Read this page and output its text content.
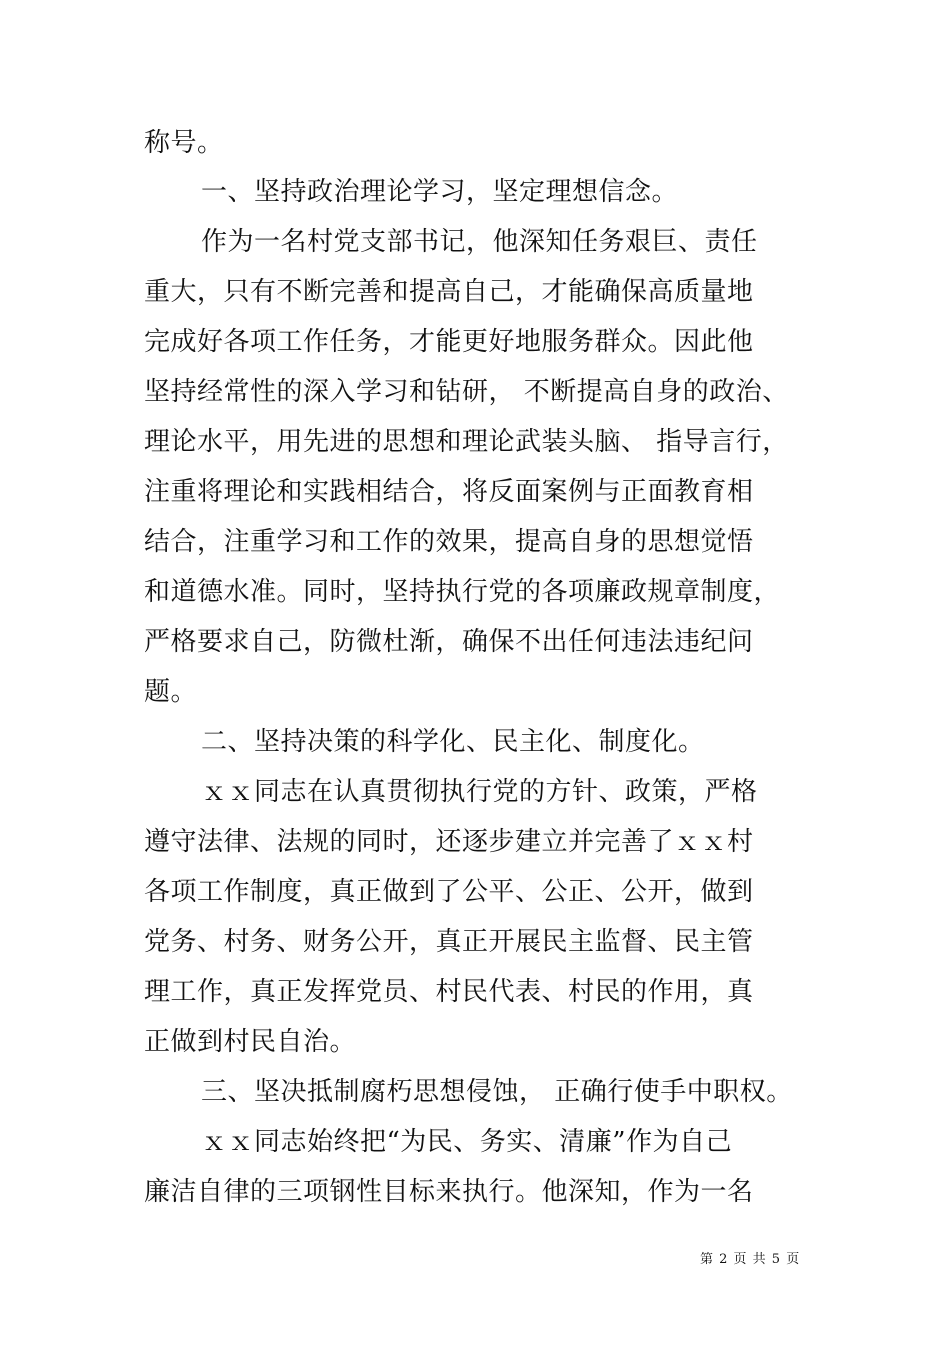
称号。
一、坚持政治理论学习，坚定理想信念。
作为一名村党支部书记，他深知任务艰巨、责任
重大，只有不断完善和提高自己，才能确保高质量地
完成好各项工作任务，才能更好地服务群众。因此他
坚持经常性的深入学习和钻研， 不断提高自身的政治、
理论水平，用先进的思想和理论武装头脑、 指导言行，
注重将理论和实践相结合，将反面案例与正面教育相
结合，注重学习和工作的效果，提高自身的思想觉悟
和道德水准。同时，坚持执行党的各项廉政规章制度，
严格要求自己，防微杜渐，确保不出任何违法违纪问
题。
二、坚持决策的科学化、民主化、制度化。
ｘｘ同志在认真贯彻执行党的方针、政策，严格
遵守法律、法规的同时，还逐步建立并完善了ｘｘ村
各项工作制度，真正做到了公平、公正、公开，做到
党务、村务、财务公开，真正开展民主监督、民主管
理工作，真正发挥党员、村民代表、村民的作用，真
正做到村民自治。
三、坚决抵制腐朽思想侵蚀， 正确行使手中职权。
ｘｘ同志始终把“为民、务实、清廉”作为自己
廉洁自律的三项钢性目标来执行。他深知，作为一名
第 2 页 共 5 页
